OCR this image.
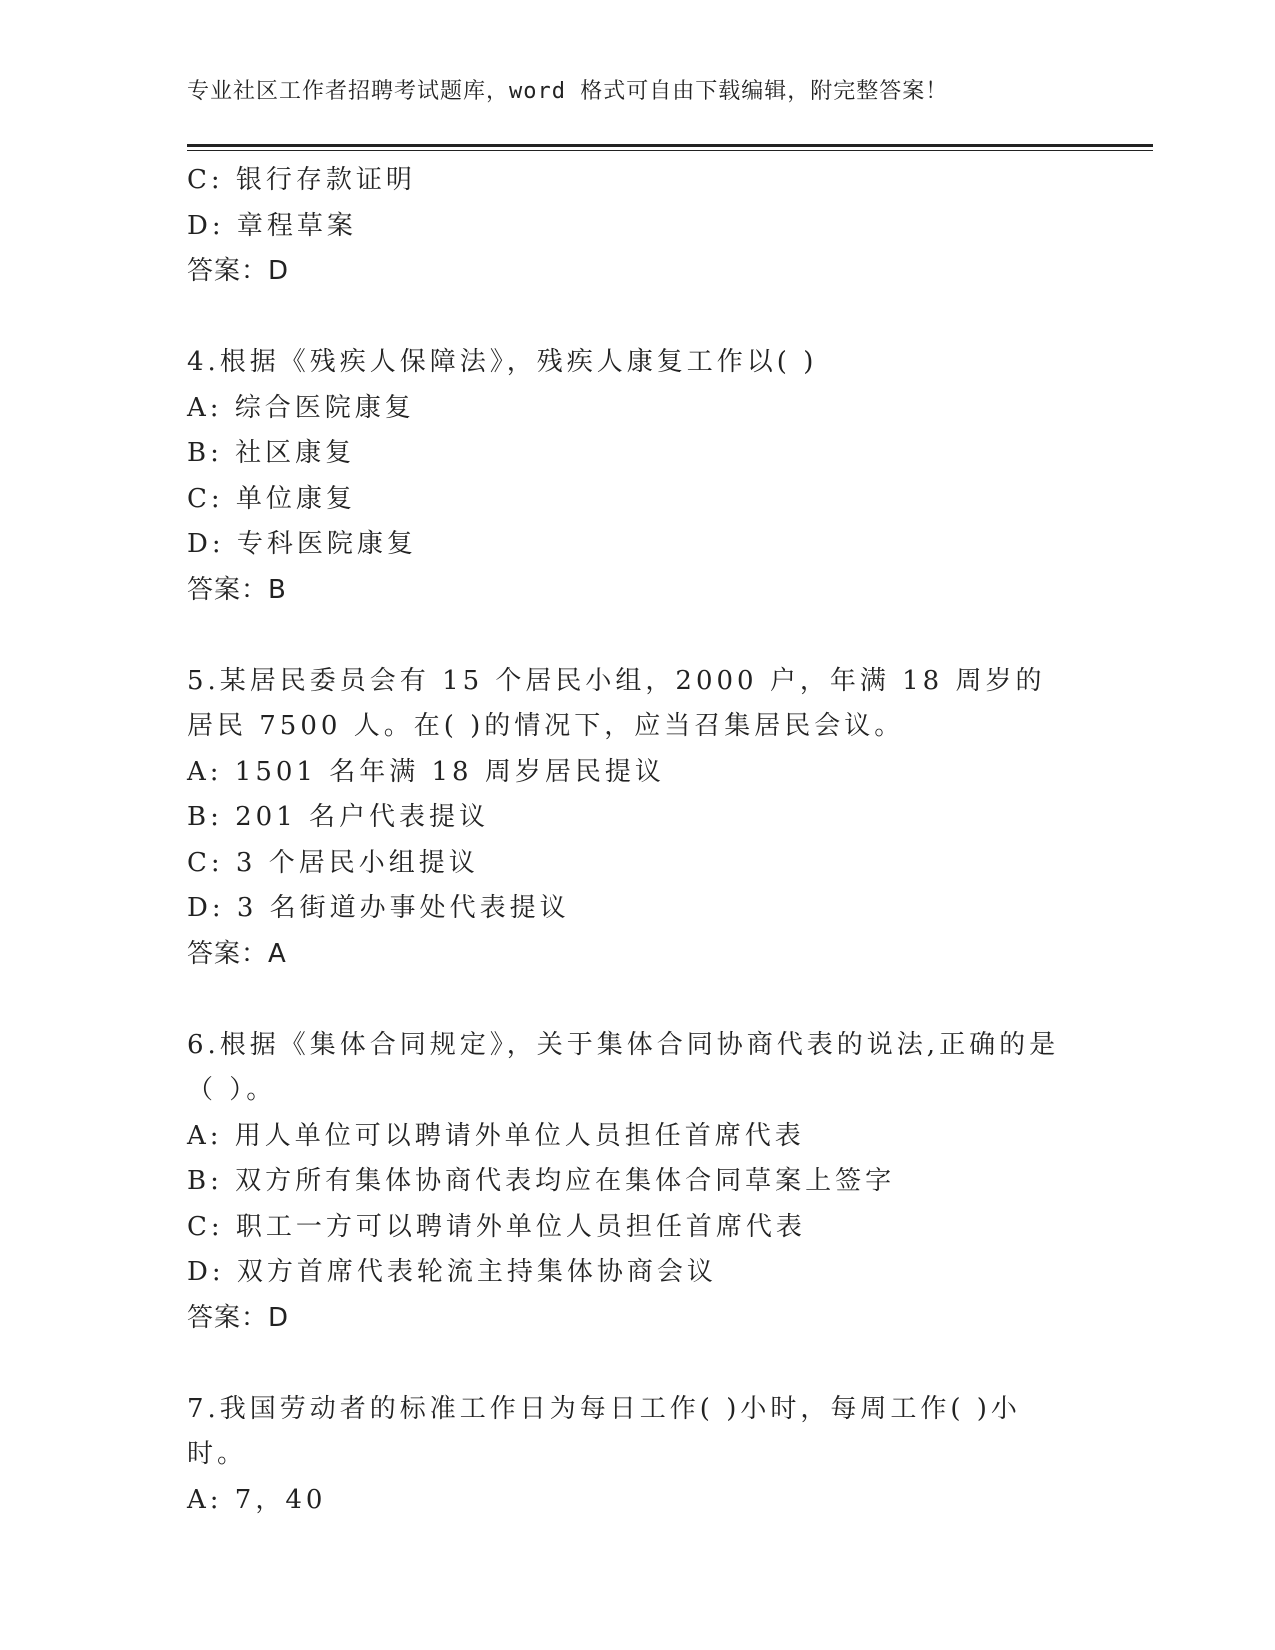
专业社区工作者招聘考试题库，word 格式可自由下载编辑，附完整答案！
C: 银行存款证明
D: 章程草案
答案：D
4.根据《残疾人保障法》，残疾人康复工作以( )
A: 综合医院康复
B: 社区康复
C: 单位康复
D: 专科医院康复
答案：B
5.某居民委员会有 15 个居民小组，2000 户，年满 18 周岁的居民 7500 人。在( )的情况下，应当召集居民会议。
A: 1501 名年满 18 周岁居民提议
B: 201 名户代表提议
C: 3 个居民小组提议
D: 3 名街道办事处代表提议
答案：A
6.根据《集体合同规定》，关于集体合同协商代表的说法,正确的是（ ）。
A: 用人单位可以聘请外单位人员担任首席代表
B: 双方所有集体协商代表均应在集体合同草案上签字
C: 职工一方可以聘请外单位人员担任首席代表
D: 双方首席代表轮流主持集体协商会议
答案：D
7.我国劳动者的标准工作日为每日工作( )小时，每周工作( )小时。
A: 7，40
